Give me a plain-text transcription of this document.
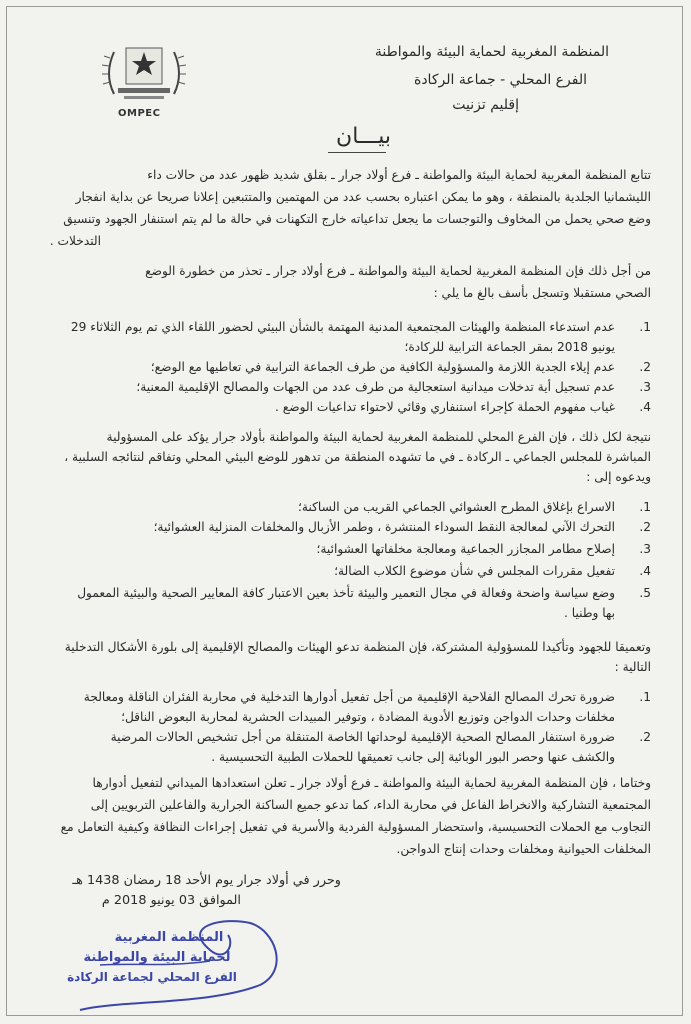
OMPEC
المنظمة المغربية لحماية البيئة والمواطنة
الفرع المحلي - جماعة الركادة
إقليم تزنيت
بيـــان
تتابع المنظمة المغربية لحماية البيئة والمواطنة ـ فرع أولاد جرار ـ بقلق شديد ظهور عدد من حالات داء
الليشمانيا الجلدية بالمنطقة ، وهو ما يمكن اعتباره بحسب عدد من المهتمين والمتتبعين إعلانا صريحا عن بداية انفجار
وضع صحي يحمل من المخاوف والتوجسات ما يجعل تداعياته خارج التكهنات في حالة ما لم يتم استنفار الجهود وتنسيق
التدخلات .
من أجل ذلك فإن المنظمة المغربية لحماية البيئة والمواطنة ـ فرع أولاد جرار ـ تحذر من خطورة الوضع
الصحي مستقبلا وتسجل بأسف بالغ ما يلي :
عدم استدعاء المنظمة والهيئات المجتمعية المدنية المهتمة بالشأن البيئي لحضور اللقاء الذي تم يوم الثلاثاء 29 1.
يونيو 2018 بمقر الجماعة الترابية للركادة؛
عدم إيلاء الجدية اللازمة والمسؤولية الكافية من طرف الجماعة الترابية في تعاطيها مع الوضع؛ 2.
عدم تسجيل أية تدخلات ميدانية استعجالية من طرف عدد من الجهات والمصالح الإقليمية المعنية؛ 3.
غياب مفهوم الحملة كإجراء استنفاري وقائي لاحتواء تداعيات الوضع . 4.
نتيجة لكل ذلك ، فإن الفرع المحلي للمنظمة المغربية لحماية البيئة والمواطنة بأولاد جرار يؤكد على المسؤولية
المباشرة للمجلس الجماعي ـ الركادة ـ في ما تشهده المنطقة من تدهور للوضع البيئي المحلي وتفاقم لنتائجه السلبية ،
ويدعوه إلى :
الاسراع بإغلاق المطرح العشوائي الجماعي القريب من الساكنة؛ 1.
التحرك الآني لمعالجة النقط السوداء المنتشرة ، وطمر الأزبال والمخلفات المنزلية العشوائية؛ 2.
إصلاح مطامر المجازر الجماعية ومعالجة مخلفاتها العشوائية؛ 3.
تفعيل مقررات المجلس في شأن موضوع الكلاب الضالة؛ 4.
وضع سياسة واضحة وفعالة في مجال التعمير والبيئة تأخذ بعين الاعتبار كافة المعايير الصحية والبيئية المعمول 5.
بها وطنيا .
وتعميقا للجهود وتأكيدا للمسؤولية المشتركة، فإن المنظمة تدعو الهيئات والمصالح الإقليمية إلى بلورة الأشكال التدخلية
التالية :
ضرورة تحرك المصالح الفلاحية الإقليمية من أجل تفعيل أدوارها التدخلية في محاربة الفئران الناقلة ومعالجة 1.
مخلفات وحدات الدواجن وتوزيع الأدوية المضادة ، وتوفير المبيدات الحشرية لمحاربة البعوض الناقل؛
ضرورة استنفار المصالح الصحية الإقليمية لوحداتها الخاصة المتنقلة من أجل تشخيص الحالات المرضية 2.
والكشف عنها وحصر البور الوبائية إلى جانب تعميقها للحملات الطبية التحسيسية .
وختاما ، فإن المنظمة المغربية لحماية البيئة والمواطنة ـ فرع أولاد جرار ـ تعلن استعدادها الميداني لتفعيل أدوارها
المجتمعية التشاركية والانخراط الفاعل في محاربة الداء، كما تدعو جميع الساكنة الجرارية والفاعلين التربويين إلى
التجاوب مع الحملات التحسيسية، واستحضار المسؤولية الفردية والأسرية في تفعيل إجراءات النظافة وكيفية التعامل مع
المخلفات الحيوانية ومخلفات وحدات إنتاج الدواجن.
وحرر في أولاد جرار يوم الأحد 18 رمضان 1438 هـ
الموافق 03 يونيو 2018 م
المنظمة المغربية
لحماية البيئة والمواطنة
الفرع المحلي لجماعة الركادة
